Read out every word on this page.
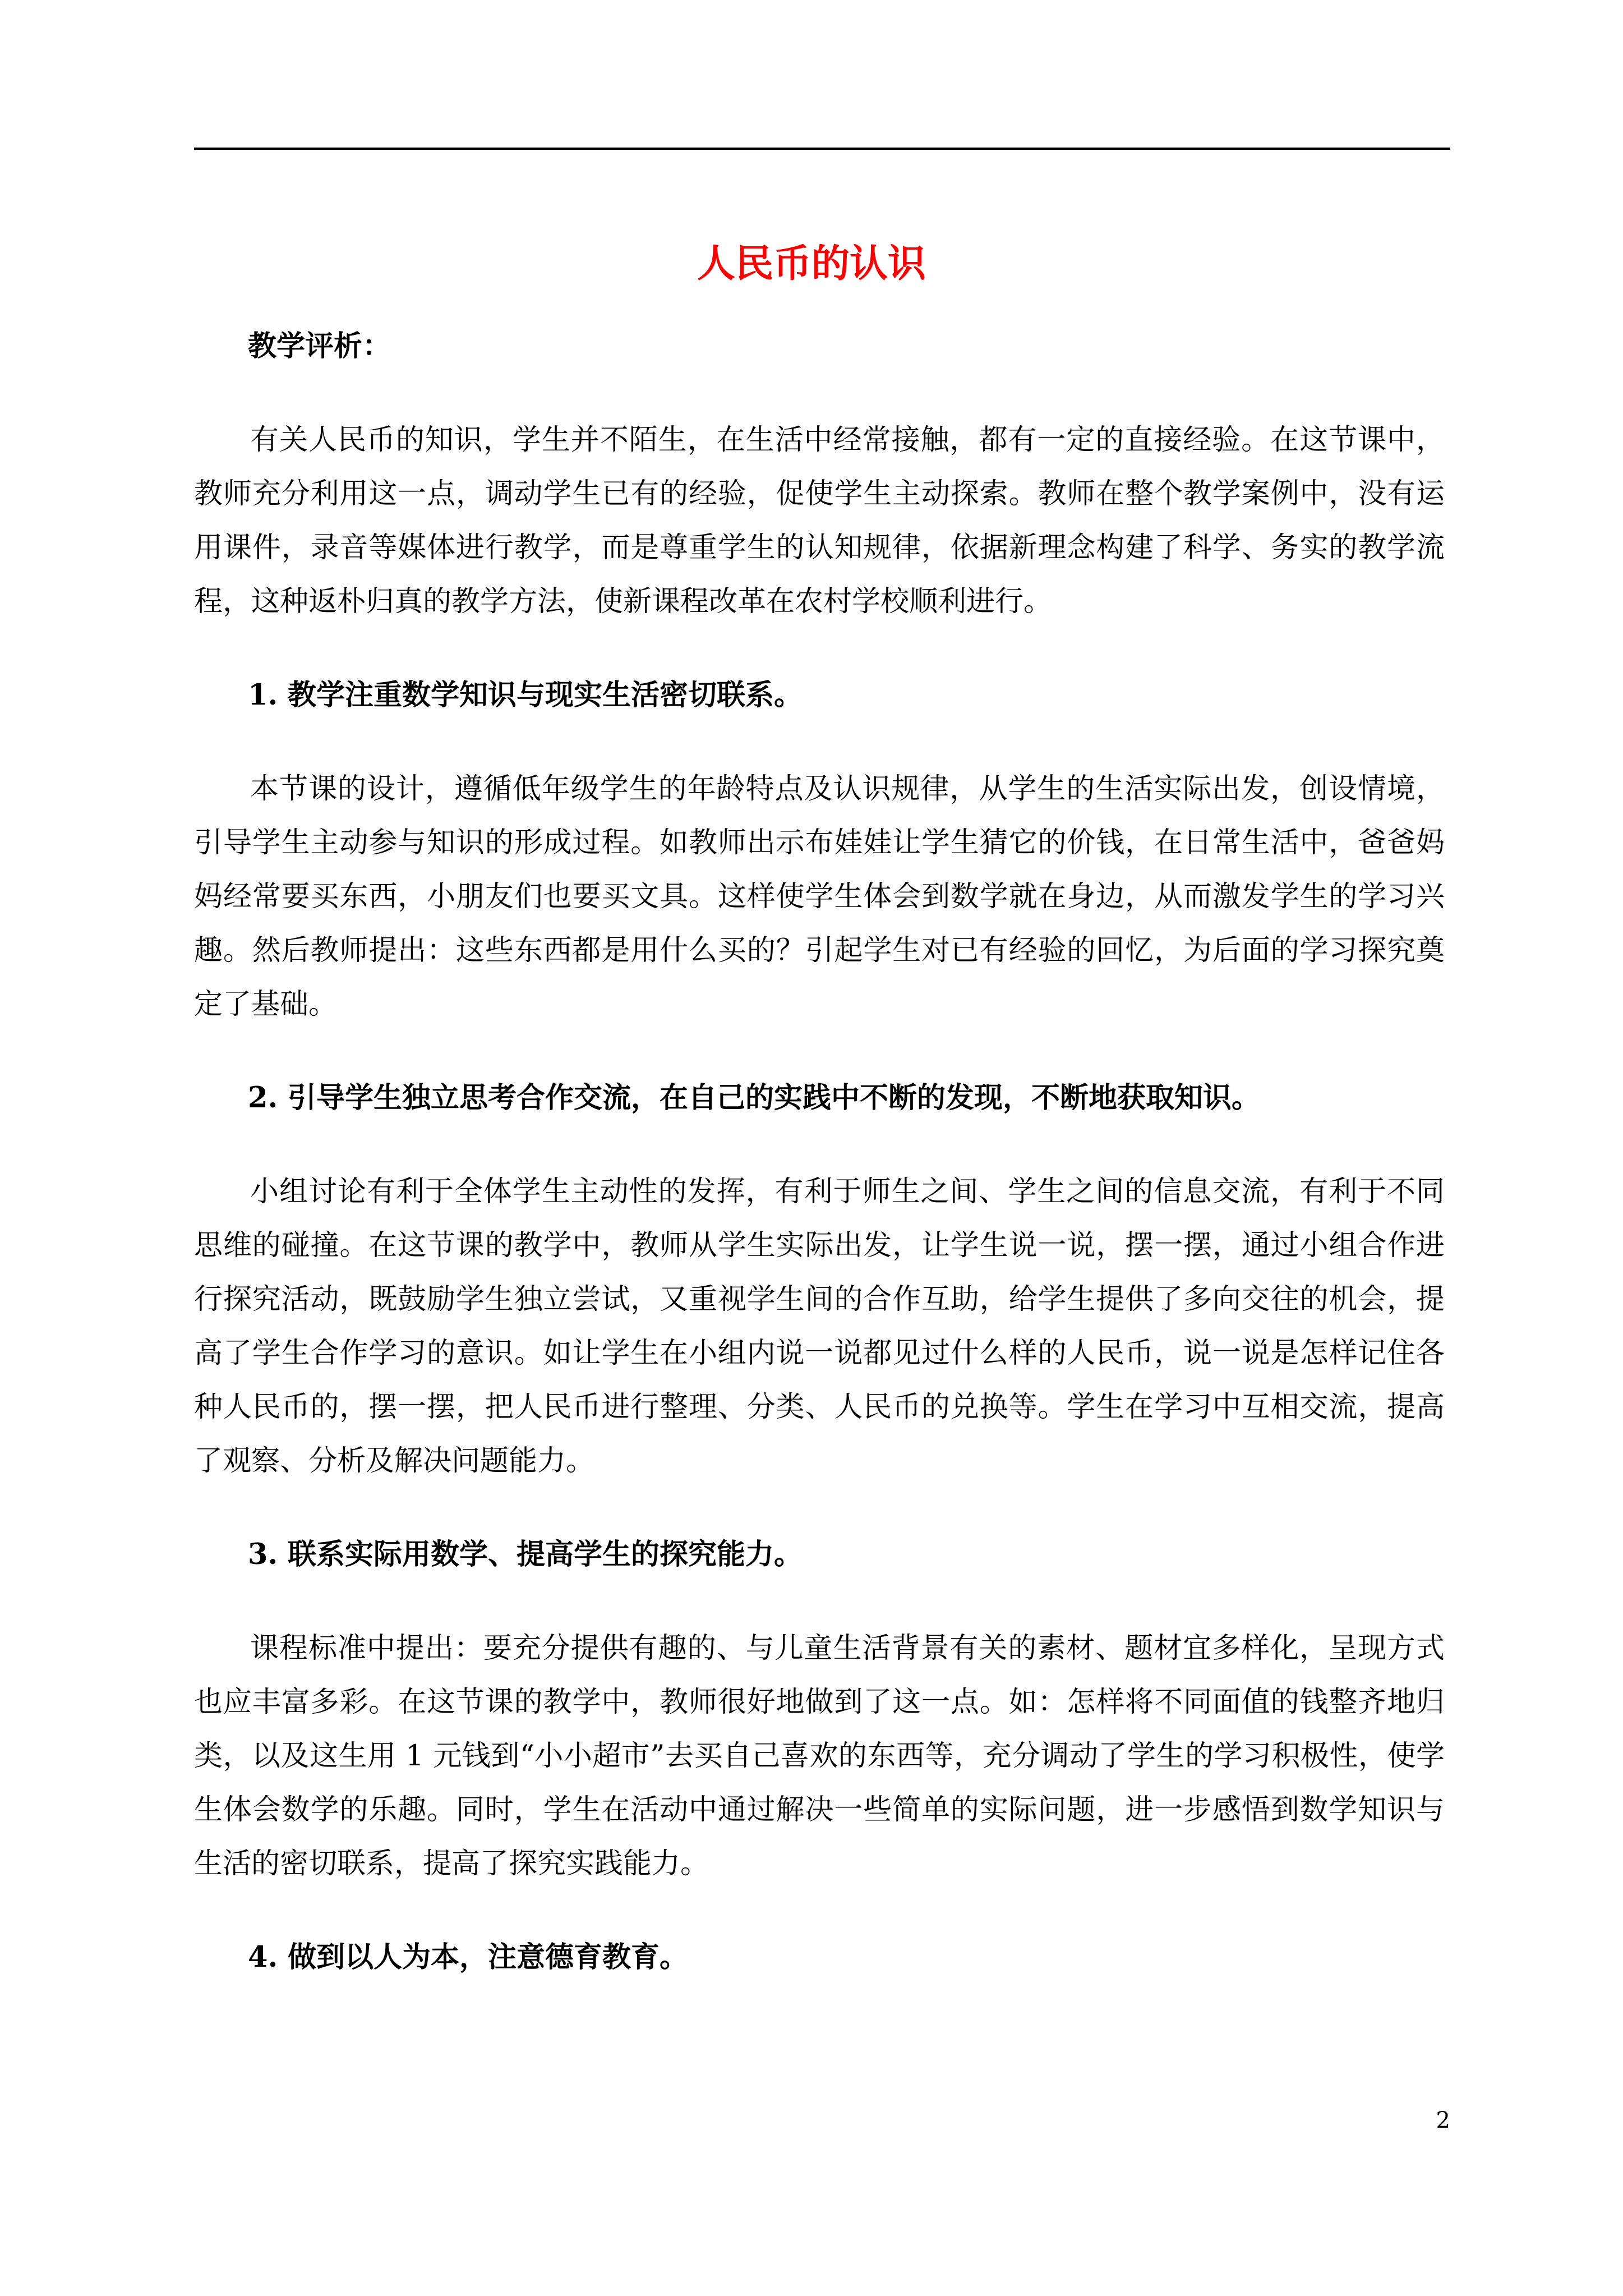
人民币的认识
教学评析：

有关人民币的知识，学生并不陌生，在生活中经常接触，都有一定的直接经验。在这节课中，教师充分利用这一点，调动学生已有的经验，促使学生主动探索。教师在整个教学案例中，没有运用课件，录音等媒体进行教学，而是尊重学生的认知规律，依据新理念构建了科学、务实的教学流程，这种返朴归真的教学方法，使新课程改革在农村学校顺利进行。

1. 教学注重数学知识与现实生活密切联系。

本节课的设计，遵循低年级学生的年龄特点及认识规律，从学生的生活实际出发，创设情境，引导学生主动参与知识的形成过程。如教师出示布娃娃让学生猜它的价钱，在日常生活中，爸爸妈妈经常要买东西，小朋友们也要买文具。这样使学生体会到数学就在身边，从而激发学生的学习兴趣。然后教师提出：这些东西都是用什么买的？引起学生对已有经验的回忆，为后面的学习探究奠定了基础。

2. 引导学生独立思考合作交流，在自己的实践中不断的发现，不断地获取知识。

小组讨论有利于全体学生主动性的发挥，有利于师生之间、学生之间的信息交流，有利于不同思维的碰撞。在这节课的教学中，教师从学生实际出发，让学生说一说，摆一摆，通过小组合作进行探究活动，既鼓励学生独立尝试，又重视学生间的合作互助，给学生提供了多向交往的机会，提高了学生合作学习的意识。如让学生在小组内说一说都见过什么样的人民币，说一说是怎样记住各种人民币的，摆一摆，把人民币进行整理、分类、人民币的兑换等。学生在学习中互相交流，提高了观察、分析及解决问题能力。

3. 联系实际用数学、提高学生的探究能力。

课程标准中提出：要充分提供有趣的、与儿童生活背景有关的素材、题材宜多样化，呈现方式也应丰富多彩。在这节课的教学中，教师很好地做到了这一点。如：怎样将不同面值的钱整齐地归类，以及这生用 1 元钱到“小小超市”去买自己喜欢的东西等，充分调动了学生的学习积极性，使学生体会数学的乐趣。同时，学生在活动中通过解决一些简单的实际问题，进一步感悟到数学知识与生活的密切联系，提高了探究实践能力。

4. 做到以人为本，注意德育教育。
2
